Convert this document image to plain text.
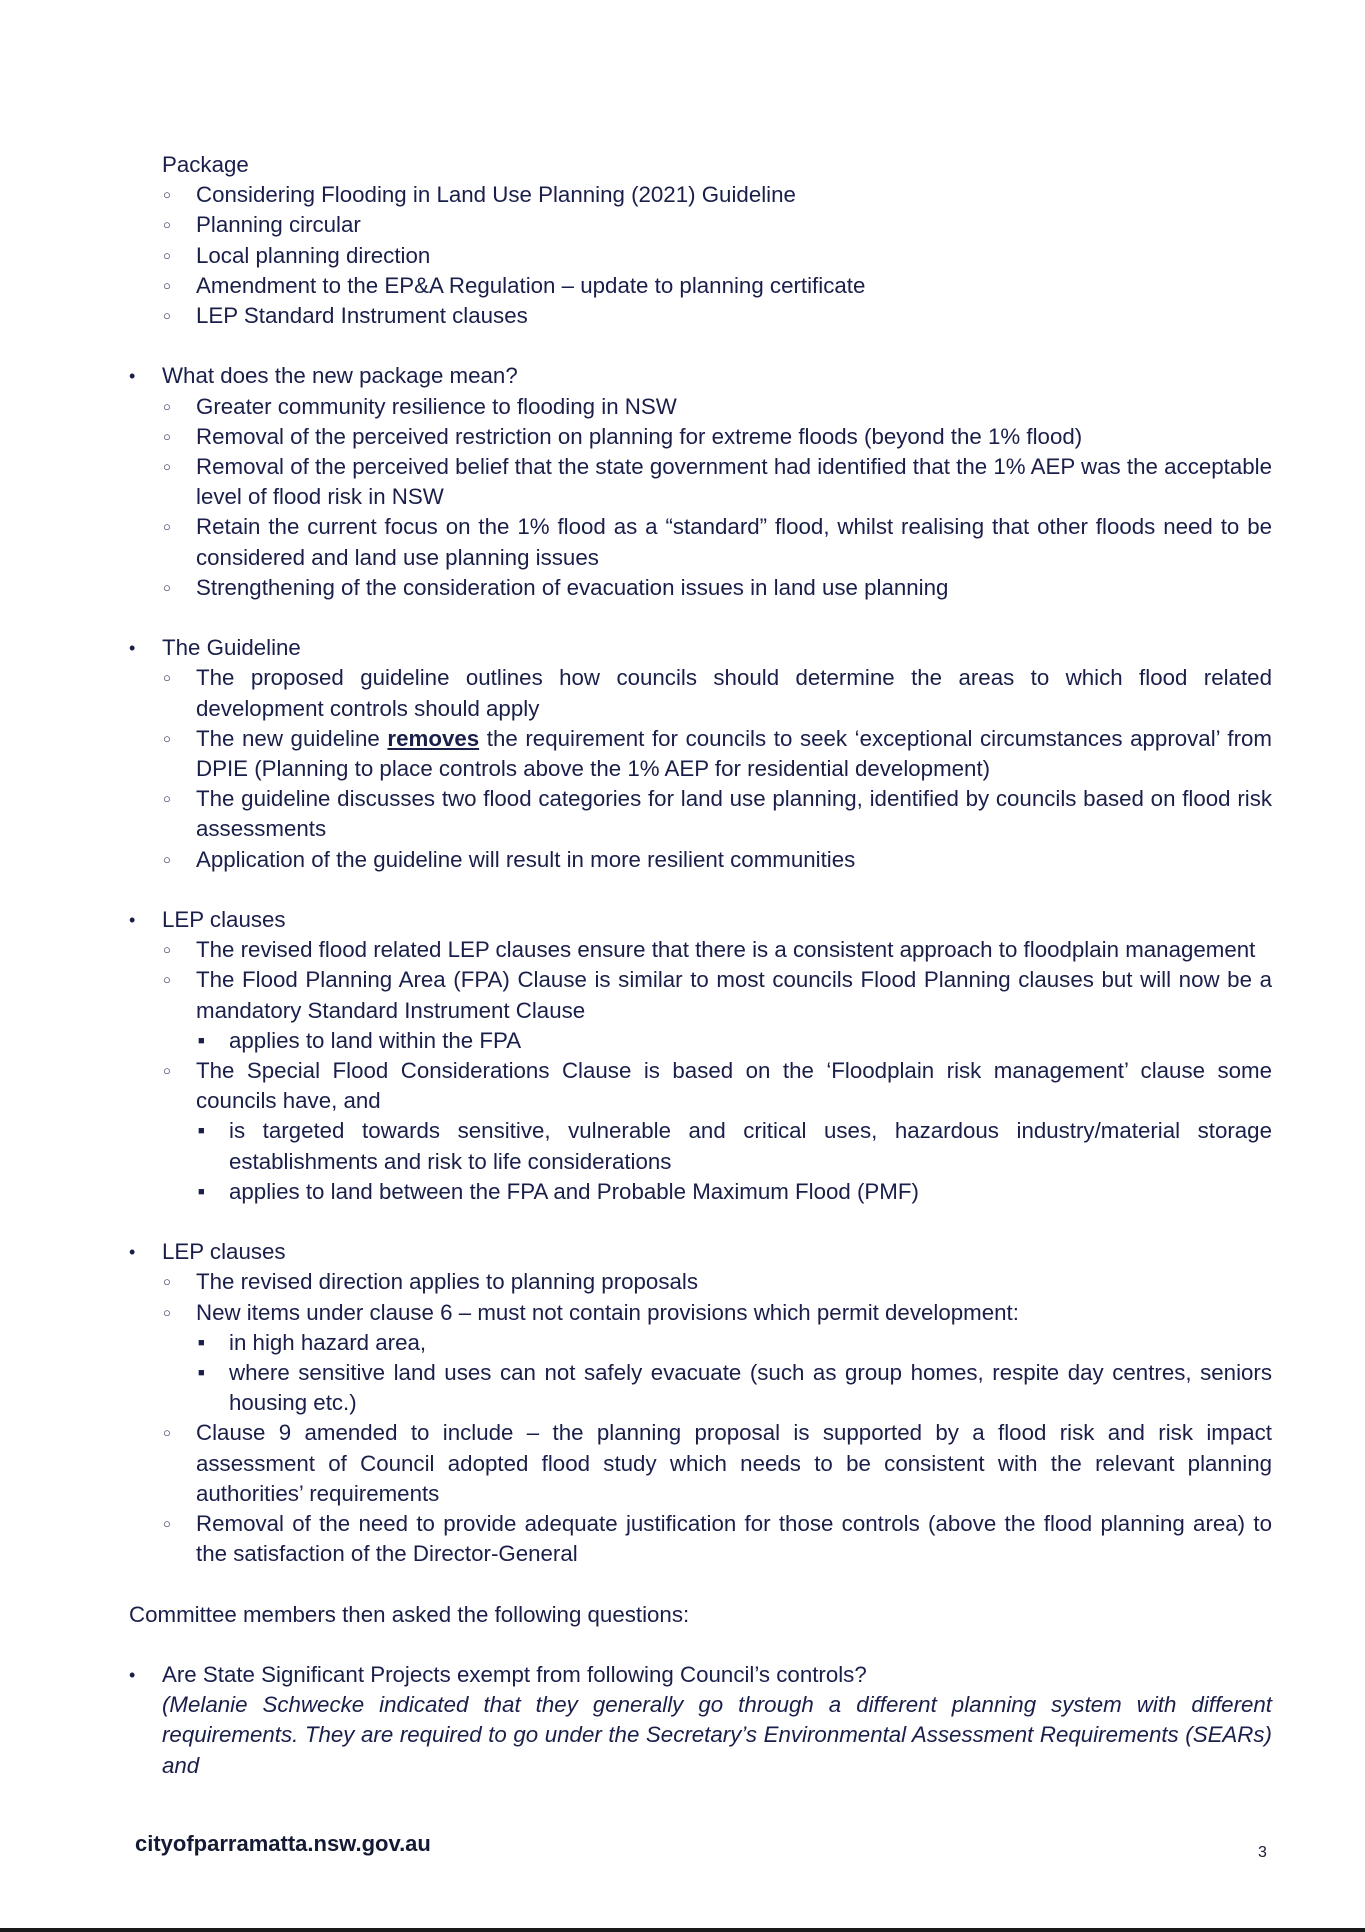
Package
○	Considering Flooding in Land Use Planning (2021) Guideline
○	Planning circular
○	Local planning direction
○	Amendment to the EP&A Regulation – update to planning certificate
○	LEP Standard Instrument clauses
•	What does the new package mean?
○	Greater community resilience to flooding in NSW
○	Removal of the perceived restriction on planning for extreme floods (beyond the 1% flood)
○	Removal of the perceived belief that the state government had identified that the 1% AEP was the acceptable level of flood risk in NSW
○	Retain the current focus on the 1% flood as a “standard” flood, whilst realising that other floods need to be considered and land use planning issues
○	Strengthening of the consideration of evacuation issues in land use planning
•	The Guideline
○	The proposed guideline outlines how councils should determine the areas to which flood related development controls should apply
○	The new guideline removes the requirement for councils to seek ‘exceptional circumstances approval’ from DPIE (Planning to place controls above the 1% AEP for residential development)
○	The guideline discusses two flood categories for land use planning, identified by councils based on flood risk assessments
○	Application of the guideline will result in more resilient communities
•	LEP clauses
○	The revised flood related LEP clauses ensure that there is a consistent approach to floodplain management
○	The Flood Planning Area (FPA) Clause is similar to most councils Flood Planning clauses but will now be a mandatory Standard Instrument Clause
■	applies to land within the FPA
○	The Special Flood Considerations Clause is based on the ‘Floodplain risk management’ clause some councils have, and
■	is targeted towards sensitive, vulnerable and critical uses, hazardous industry/material storage establishments and risk to life considerations
■	applies to land between the FPA and Probable Maximum Flood (PMF)
•	LEP clauses
○	The revised direction applies to planning proposals
○	New items under clause 6 – must not contain provisions which permit development:
■	in high hazard area,
■	where sensitive land uses can not safely evacuate (such as group homes, respite day centres, seniors housing etc.)
○	Clause 9 amended to include – the planning proposal is supported by a flood risk and risk impact assessment of Council adopted flood study which needs to be consistent with the relevant planning authorities’ requirements
○	Removal of the need to provide adequate justification for those controls (above the flood planning area) to the satisfaction of the Director-General
Committee members then asked the following questions:
•	Are State Significant Projects exempt from following Council’s controls?
(Melanie Schwecke indicated that they generally go through a different planning system with different requirements. They are required to go under the Secretary’s Environmental Assessment Requirements (SEARs) and
cityofparramatta.nsw.gov.au	3
